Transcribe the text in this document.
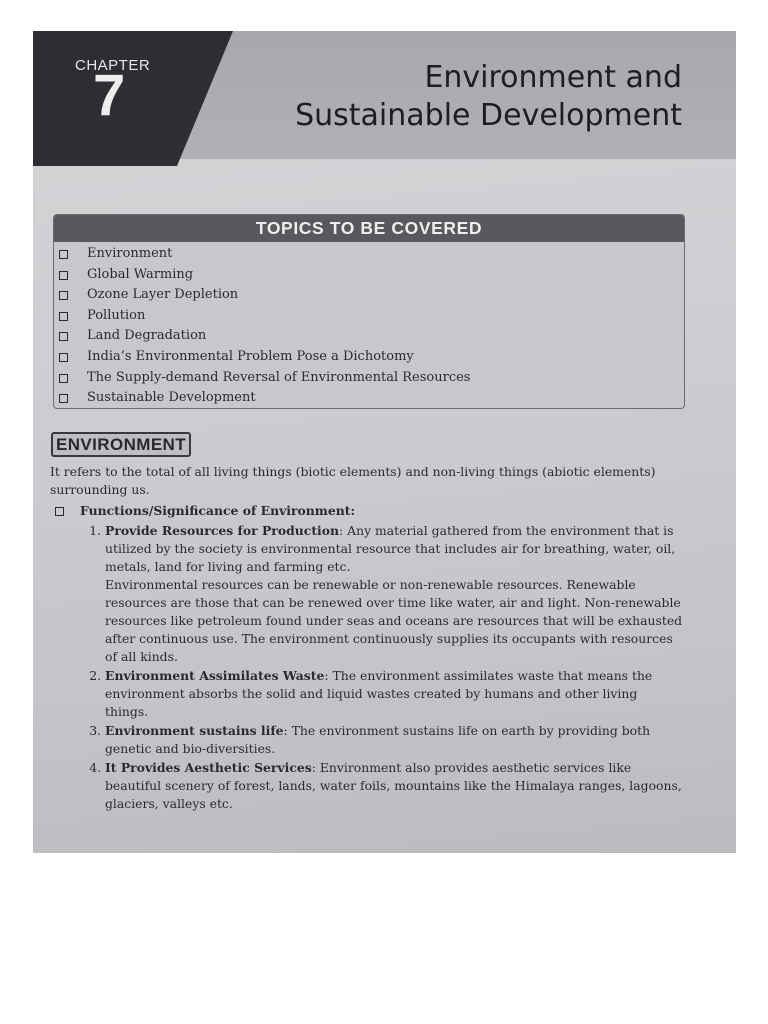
CHAPTER
7	Environment and
Sustainable Development
TOPICS TO BE COVERED
Environment
Global Warming
Ozone Layer Depletion
Pollution
Land Degradation
India’s Environmental Problem Pose a Dichotomy
The Supply-demand Reversal of Environmental Resources
Sustainable Development
ENVIRONMENT

It refers to the total of all living things (biotic elements) and non-living things (abiotic elements) surrounding us.

Functions/Significance of Environment:
1. Provide Resources for Production: Any material gathered from the environment that is utilized by the society is environmental resource that includes air for breathing, water, oil, metals, land for living and farming etc.

Environmental resources can be renewable or non-renewable resources. Renewable resources are those that can be renewed over time like water, air and light. Non-renewable resources like petroleum found under seas and oceans are resources that will be exhausted after continuous use. The environment continuously supplies its occupants with resources of all kinds.

2. Environment Assimilates Waste: The environment assimilates waste that means the environment absorbs the solid and liquid wastes created by humans and other living things.
3. Environment sustains life: The environment sustains life on earth by providing both genetic and bio-diversities.
4. It Provides Aesthetic Services: Environment also provides aesthetic services like beautiful scenery of forest, lands, water foils, mountains like the Himalaya ranges, lagoons, glaciers, valleys etc.
